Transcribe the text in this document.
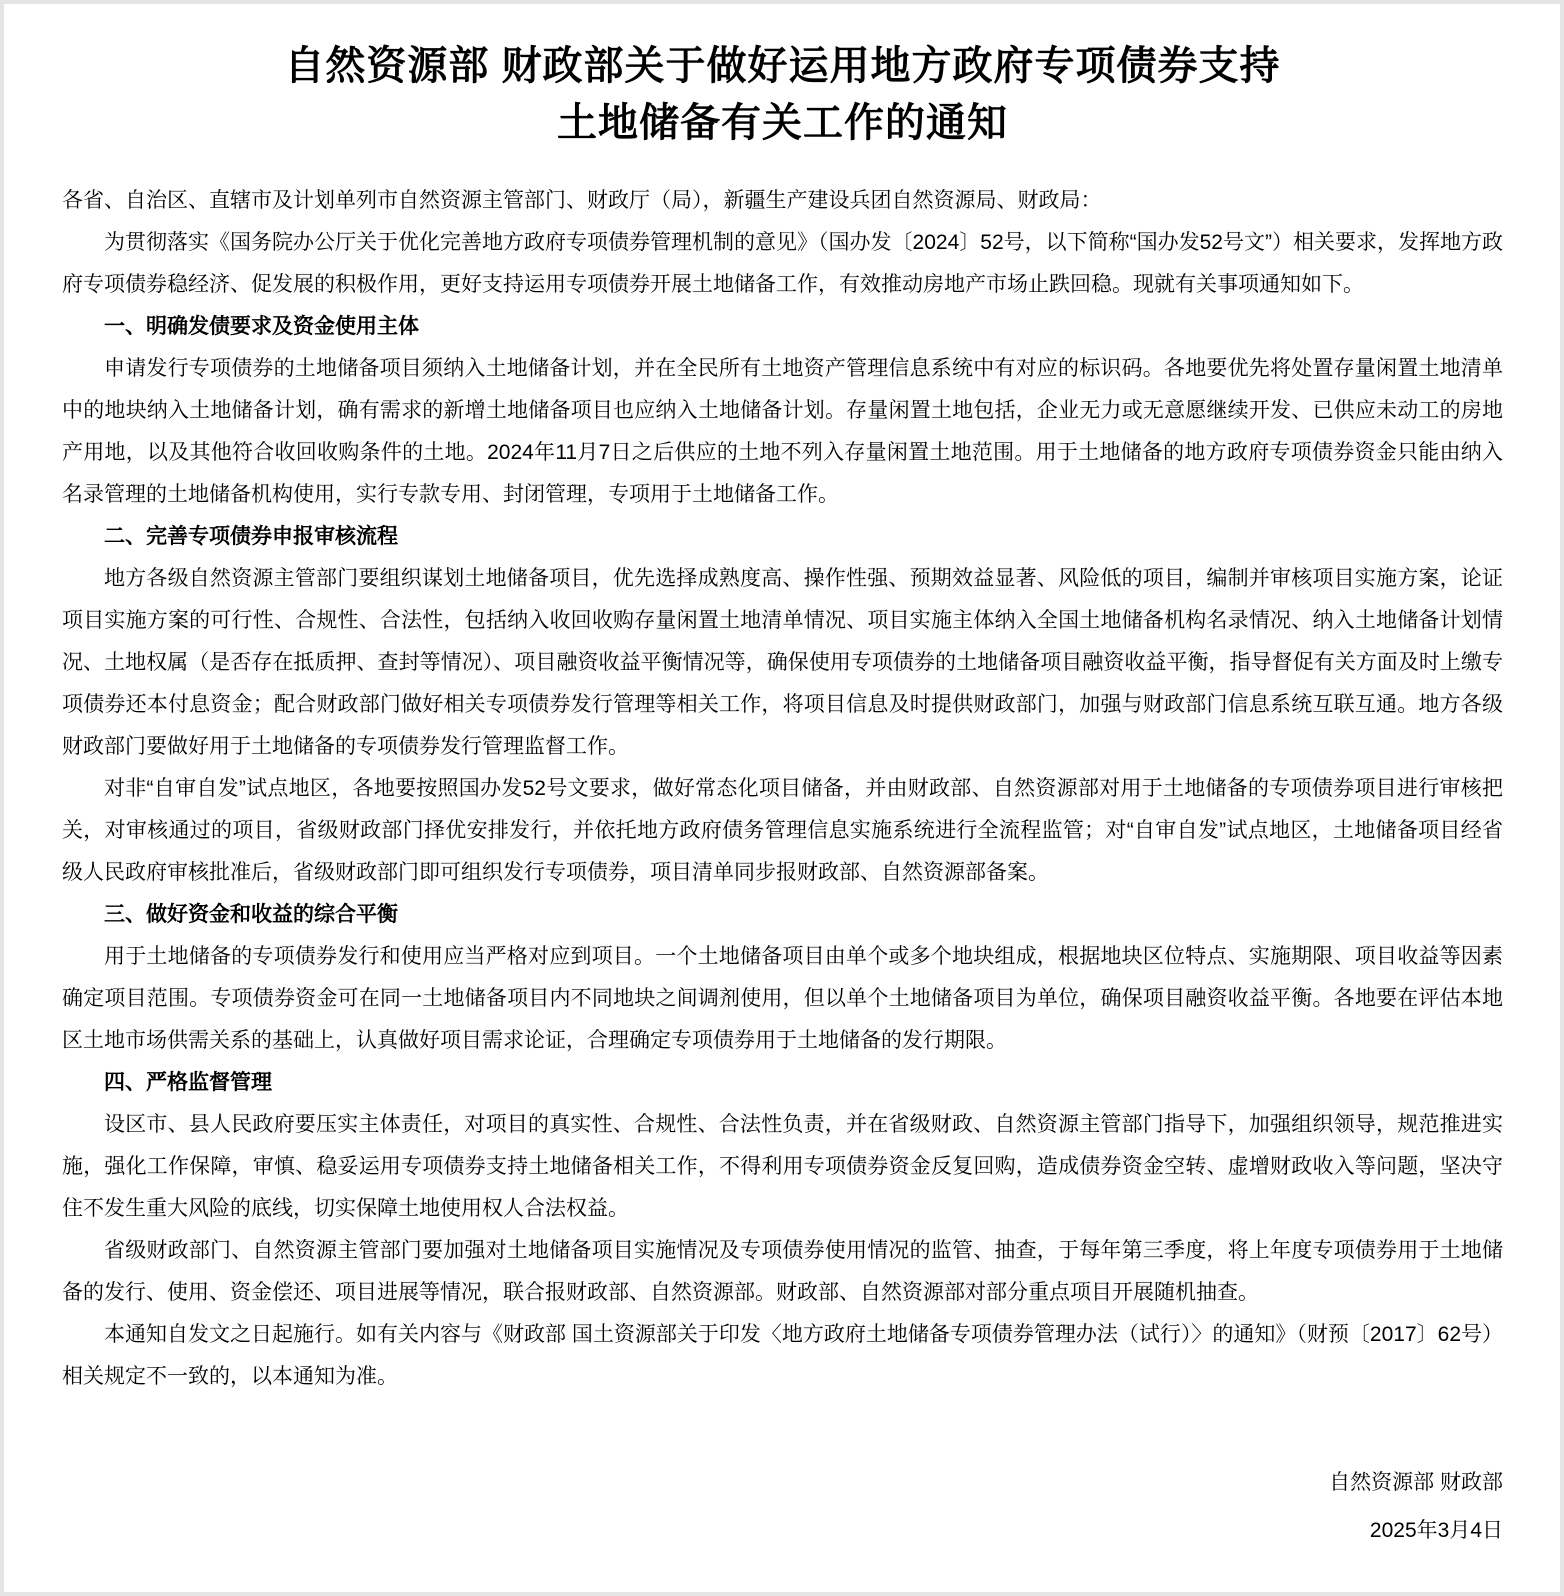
自然资源部 财政部关于做好运用地方政府专项债券支持
土地储备有关工作的通知

各省、自治区、直辖市及计划单列市自然资源主管部门、财政厅（局），新疆生产建设兵团自然资源局、财政局：

为贯彻落实《国务院办公厅关于优化完善地方政府专项债券管理机制的意见》（国办发〔2024〕52号，以下简称“国办发52号文”）相关要求，发挥地方政府专项债券稳经济、促发展的积极作用，更好支持运用专项债券开展土地储备工作，有效推动房地产市场止跌回稳。现就有关事项通知如下。

一、明确发债要求及资金使用主体

申请发行专项债券的土地储备项目须纳入土地储备计划，并在全民所有土地资产管理信息系统中有对应的标识码。各地要优先将处置存量闲置土地清单中的地块纳入土地储备计划，确有需求的新增土地储备项目也应纳入土地储备计划。存量闲置土地包括，企业无力或无意愿继续开发、已供应未动工的房地产用地，以及其他符合收回收购条件的土地。2024年11月7日之后供应的土地不列入存量闲置土地范围。用于土地储备的地方政府专项债券资金只能由纳入名录管理的土地储备机构使用，实行专款专用、封闭管理，专项用于土地储备工作。

二、完善专项债券申报审核流程

地方各级自然资源主管部门要组织谋划土地储备项目，优先选择成熟度高、操作性强、预期效益显著、风险低的项目，编制并审核项目实施方案，论证项目实施方案的可行性、合规性、合法性，包括纳入收回收购存量闲置土地清单情况、项目实施主体纳入全国土地储备机构名录情况、纳入土地储备计划情况、土地权属（是否存在抵质押、查封等情况）、项目融资收益平衡情况等，确保使用专项债券的土地储备项目融资收益平衡，指导督促有关方面及时上缴专项债券还本付息资金；配合财政部门做好相关专项债券发行管理等相关工作，将项目信息及时提供财政部门，加强与财政部门信息系统互联互通。地方各级财政部门要做好用于土地储备的专项债券发行管理监督工作。

对非“自审自发”试点地区，各地要按照国办发52号文要求，做好常态化项目储备，并由财政部、自然资源部对用于土地储备的专项债券项目进行审核把关，对审核通过的项目，省级财政部门择优安排发行，并依托地方政府债务管理信息实施系统进行全流程监管；对“自审自发”试点地区，土地储备项目经省级人民政府审核批准后，省级财政部门即可组织发行专项债券，项目清单同步报财政部、自然资源部备案。

三、做好资金和收益的综合平衡

用于土地储备的专项债券发行和使用应当严格对应到项目。一个土地储备项目由单个或多个地块组成，根据地块区位特点、实施期限、项目收益等因素确定项目范围。专项债券资金可在同一土地储备项目内不同地块之间调剂使用，但以单个土地储备项目为单位，确保项目融资收益平衡。各地要在评估本地区土地市场供需关系的基础上，认真做好项目需求论证，合理确定专项债券用于土地储备的发行期限。

四、严格监督管理

设区市、县人民政府要压实主体责任，对项目的真实性、合规性、合法性负责，并在省级财政、自然资源主管部门指导下，加强组织领导，规范推进实施，强化工作保障，审慎、稳妥运用专项债券支持土地储备相关工作，不得利用专项债券资金反复回购，造成债券资金空转、虚增财政收入等问题，坚决守住不发生重大风险的底线，切实保障土地使用权人合法权益。

省级财政部门、自然资源主管部门要加强对土地储备项目实施情况及专项债券使用情况的监管、抽查，于每年第三季度，将上年度专项债券用于土地储备的发行、使用、资金偿还、项目进展等情况，联合报财政部、自然资源部。财政部、自然资源部对部分重点项目开展随机抽查。

本通知自发文之日起施行。如有关内容与《财政部 国土资源部关于印发〈地方政府土地储备专项债券管理办法（试行）〉的通知》（财预〔2017〕62号）相关规定不一致的，以本通知为准。

自然资源部 财政部

2025年3月4日
